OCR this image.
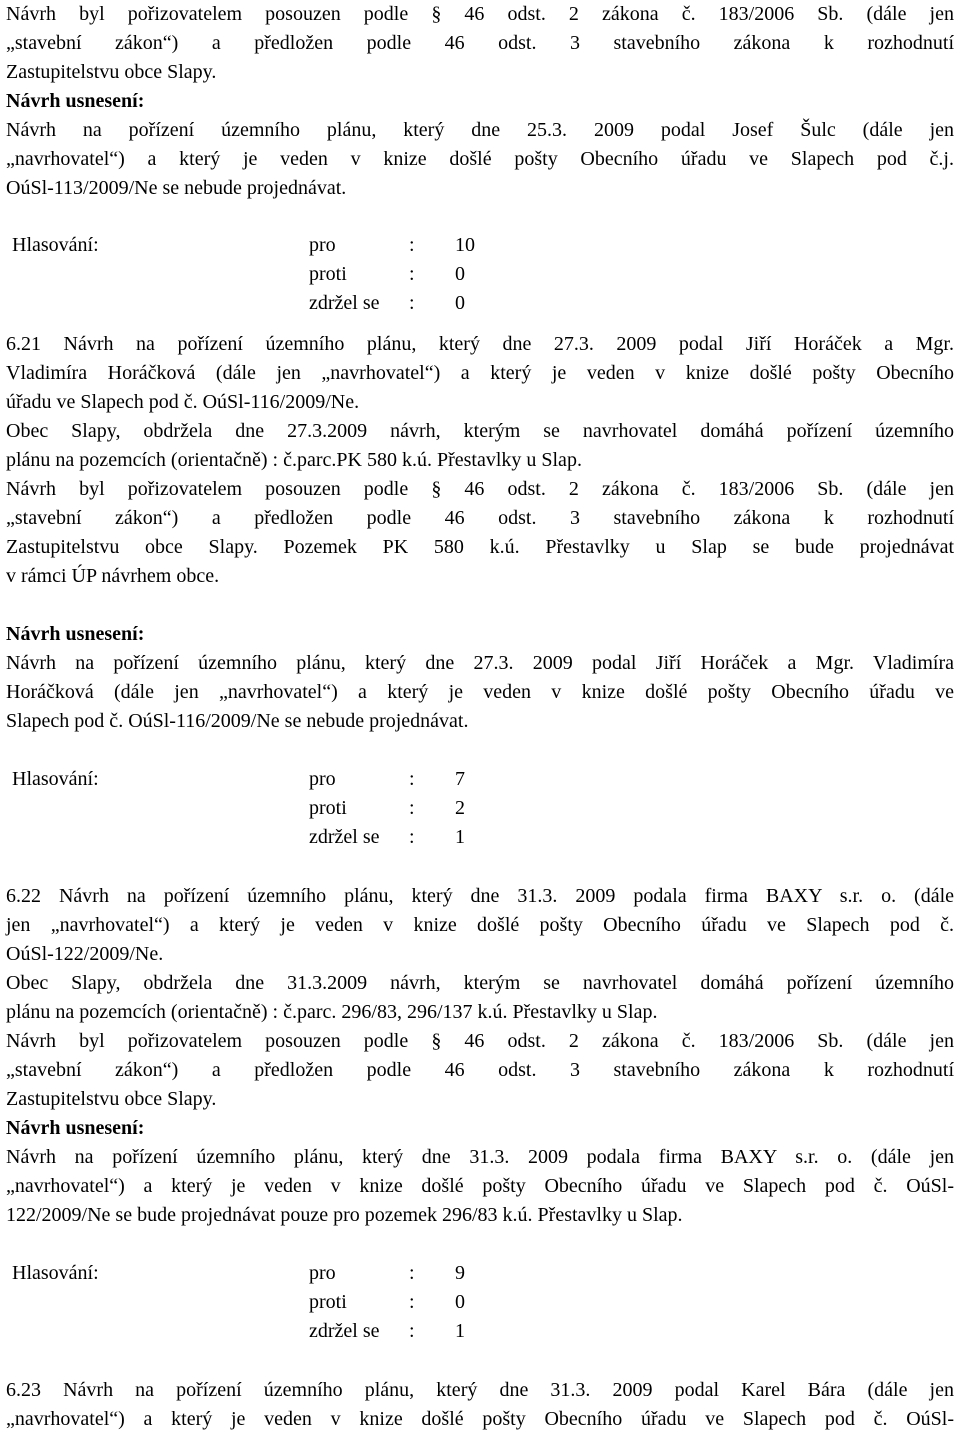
Návrh byl pořizovatelem posouzen podle § 46 odst. 2 zákona č. 183/2006 Sb. (dále jen
„stavební zákon“) a předložen podle 46 odst. 3 stavebního zákona k rozhodnutí
Zastupitelstvu obce Slapy.
Návrh usnesení:
Návrh na pořízení územního plánu, který dne 25.3. 2009 podal Josef Šulc (dále jen
„navrhovatel“) a který je veden v knize došlé pošty Obecního úřadu ve Slapech pod č.j.
OúSl-113/2009/Ne se nebude projednávat.
Hlasování:	pro	: 10
proti	: 0
zdržel se : 0
6.21 Návrh na pořízení územního plánu, který dne 27.3. 2009 podal Jiří Horáček a Mgr.
Vladimíra Horáčková (dále jen „navrhovatel“) a který je veden v knize došlé pošty Obecního
úřadu ve Slapech pod č. OúSl-116/2009/Ne.
Obec Slapy, obdržela dne 27.3.2009 návrh, kterým se navrhovatel domáhá pořízení územního
plánu na pozemcích (orientačně) : č.parc.PK 580 k.ú. Přestavlky u Slap.
Návrh byl pořizovatelem posouzen podle § 46 odst. 2 zákona č. 183/2006 Sb. (dále jen
„stavební zákon“) a předložen podle 46 odst. 3 stavebního zákona k rozhodnutí
Zastupitelstvu obce Slapy. Pozemek PK 580 k.ú. Přestavlky u Slap se bude projednávat
v rámci ÚP návrhem obce.
Návrh usnesení:
Návrh na pořízení územního plánu, který dne 27.3. 2009 podal Jiří Horáček a Mgr. Vladimíra
Horáčková (dále jen „navrhovatel“) a který je veden v knize došlé pošty Obecního úřadu ve
Slapech pod č. OúSl-116/2009/Ne se nebude projednávat.
Hlasování:	pro	: 7
proti	: 2
zdržel se : 1
6.22 Návrh na pořízení územního plánu, který dne 31.3. 2009 podala firma BAXY s.r. o. (dále
jen „navrhovatel“) a který je veden v knize došlé pošty Obecního úřadu ve Slapech pod č.
OúSl-122/2009/Ne.
Obec Slapy, obdržela dne 31.3.2009 návrh, kterým se navrhovatel domáhá pořízení územního
plánu na pozemcích (orientačně) : č.parc. 296/83, 296/137 k.ú. Přestavlky u Slap.
Návrh byl pořizovatelem posouzen podle § 46 odst. 2 zákona č. 183/2006 Sb. (dále jen
„stavební zákon“) a předložen podle 46 odst. 3 stavebního zákona k rozhodnutí
Zastupitelstvu obce Slapy.
Návrh usnesení:
Návrh na pořízení územního plánu, který dne 31.3. 2009 podala firma BAXY s.r. o. (dále jen
„navrhovatel“) a který je veden v knize došlé pošty Obecního úřadu ve Slapech pod č. OúSl-
122/2009/Ne se bude projednávat pouze pro pozemek 296/83 k.ú. Přestavlky u Slap.
Hlasování:	pro	: 9
proti	: 0
zdržel se : 1
6.23 Návrh na pořízení územního plánu, který dne 31.3. 2009 podal Karel Bára (dále jen
„navrhovatel“) a který je veden v knize došlé pošty Obecního úřadu ve Slapech pod č. OúSl-
